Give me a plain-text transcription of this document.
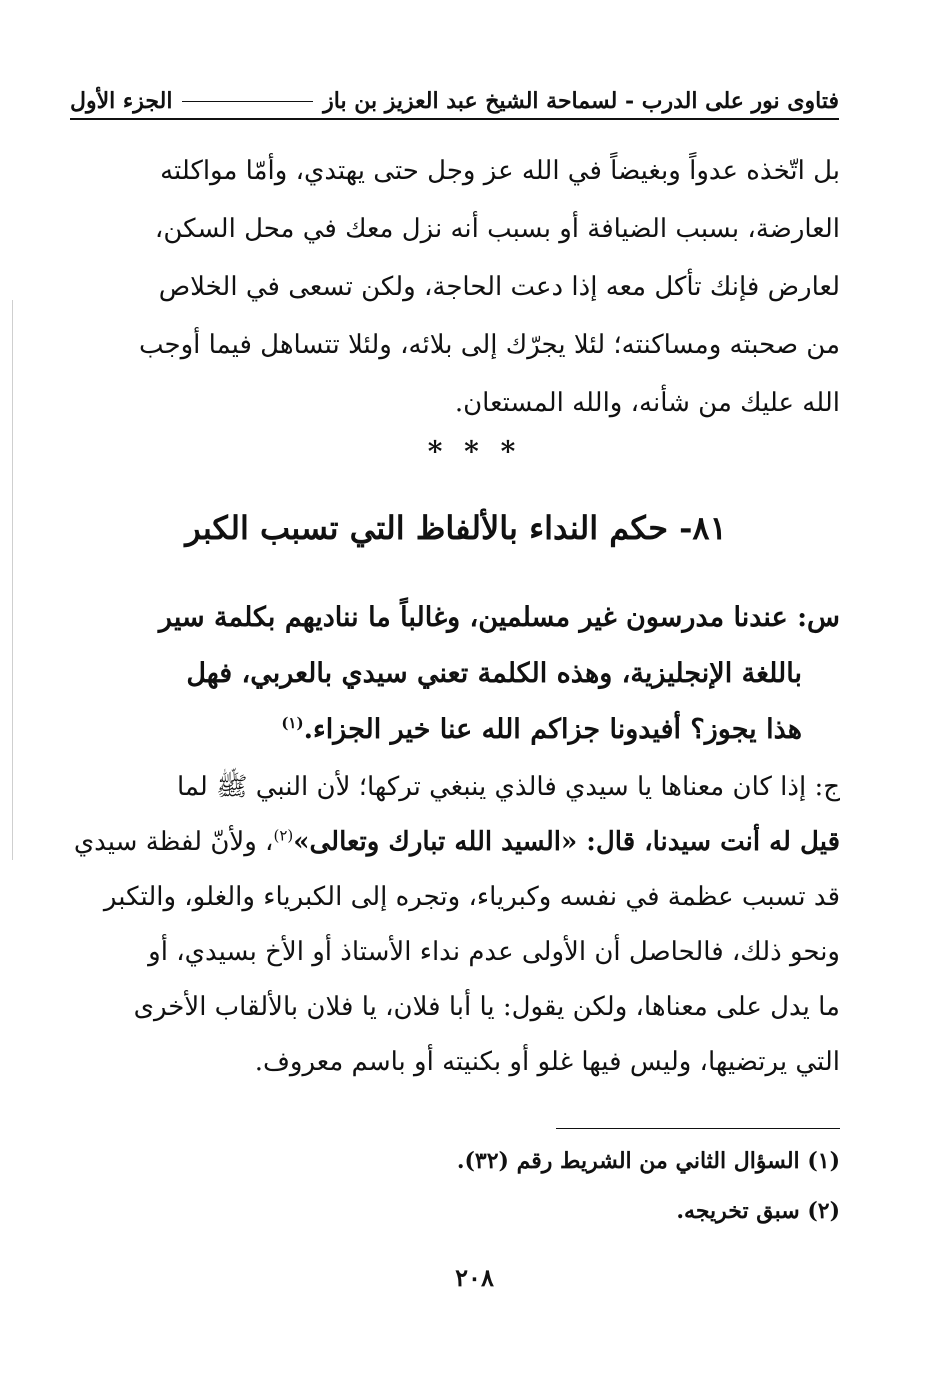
فتاوى نور على الدرب - لسماحة الشيخ عبد العزيز بن باز
الجزء الأول
بل اتّخذه عدواً وبغيضاً في الله عز وجل حتى يهتدي، وأمّا مواكلته
العارضة، بسبب الضيافة أو بسبب أنه نزل معك في محل السكن،
لعارض فإنك تأكل معه إذا دعت الحاجة، ولكن تسعى في الخلاص
من صحبته ومساكنته؛ لئلا يجرّك إلى بلائه، ولئلا تتساهل فيما أوجب
الله عليك من شأنه، والله المستعان.
* * *
٨١- حكم النداء بالألفاظ التي تسبب الكبر
س: عندنا مدرسون غير مسلمين، وغالباً ما نناديهم بكلمة سير
باللغة الإنجليزية، وهذه الكلمة تعني سيدي بالعربي، فهل
هذا يجوز؟ أفيدونا جزاكم الله عنا خير الجزاء.$^{(١)}$
ج: إذا كان معناها يا سيدي فالذي ينبغي تركها؛ لأن النبي ﷺ لما
قيل له أنت سيدنا، قال: «السيد الله تبارك وتعالى»$^{(٢)}$، ولأنّ لفظة سيدي
قد تسبب عظمة في نفسه وكبرياء، وتجره إلى الكبرياء والغلو، والتكبر
ونحو ذلك، فالحاصل أن الأولى عدم نداء الأستاذ أو الأخ بسيدي، أو
ما يدل على معناها، ولكن يقول: يا أبا فلان، يا فلان بالألقاب الأخرى
التي يرتضيها، وليس فيها غلو أو بكنيته أو باسم معروف.
(١) السؤال الثاني من الشريط رقم (٣٢).
(٢) سبق تخريجه.
٢٠٨
